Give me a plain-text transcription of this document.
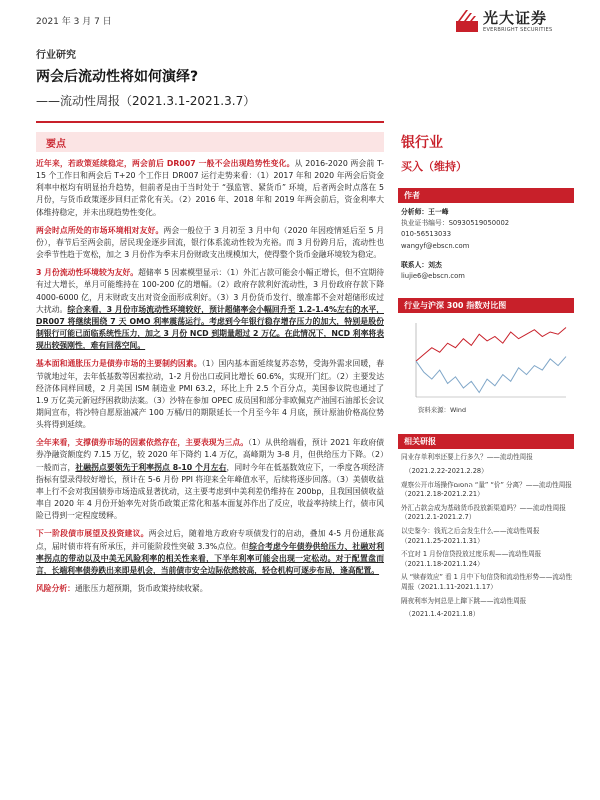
2021 年 3 月 7 日	光大证券
EVERBRIGHT SECURITIES
行业研究
两会后流动性将如何演绎?
——流动性周报（2021.3.1-2021.3.7）
要点

近年来，若政策延续稳定，两会前后 DR007 一般不会出现趋势性变化。从 2016-2020 两会前 T-15 个工作日和两会后 T+20 个工作日 DR007 运行走势来看：（1）2017 年和 2020 年两会后资金利率中枢均有明显抬升趋势，但前者是由于当时处于 “强监管、紧货币” 环境，后者两会时点落在 5 月份，与货币政策逐步回归正常化有关。（2）2016 年、2018 年和 2019 年两会前后，资金利率大体维持稳定，并未出现趋势性变化。

两会时点所处的市场环境相对友好。两会一般位于 3 月初至 3 月中旬（2020 年因疫情延后至 5 月份），春节后至两会前，居民现金逐步回流，银行体系流动性较为充裕。而 3 月份跨月后，流动性也会季节性趋于宽松，加之 3 月份作为季末月份财政支出规模加大，使得整个货币金融环境较为稳定。

3 月份流动性环境较为友好。超储率 5 因素模型显示：（1）外汇占款可能会小幅正增长，但不宜期待有过大增长，单月可能维持在 100-200 亿的增幅。（2）政府存款利好流动性，3 月份政府存款下降 4000-6000 亿，月末财政支出对资金面形成利好。（3）3 月份货币发行、缴准都不会对超储形成过大扰动。综合来看，3 月份市场流动性环境较好，预计超储率会小幅回升至 1.2-1.4%左右的水平，DR007 将继续围绕 7 天 OMO 利率震荡运行。考虑到今年银行稳存增存压力的加大，特别是股份制银行可能已面临系统性压力，加之 3 月份 NCD 到期量超过 2 万亿。在此情况下，NCD 利率将表现出较强刚性，难有回落空间。

基本面和通胀压力是债券市场的主要制约因素。（1）国内基本面延续复苏态势，受海外需求回暖，春节就地过年，去年低基数等因素拉动，1-2 月份出口或同比增长 60.6%，实现开门红。（2）主要发达经济体同样回暖，2 月美国 ISM 制造业 PMI 63.2，环比上升 2.5 个百分点，美国参议院也通过了 1.9 万亿美元新冠纾困救助法案。（3）沙特在参加 OPEC 成员国和部分非欧佩克产油国石油部长会议期间宣布，将沙特自愿原油减产 100 万桶/日的期限延长一个月至今年 4 月底，预计原油价格高位势头将得到延续。

全年来看，支撑债券市场的因素依然存在，主要表现为三点。（1）从供给端看，预计 2021 年政府债券净融资额度约 7.15 万亿，较 2020 年下降约 1.4 万亿，高峰期为 3-8 月，但供给压力下降。（2）一般而言，社融拐点要领先于利率拐点 8-10 个月左右，同时今年在低基数效应下，一季度各项经济指标有望录得较好增长，预计在 5-6 月份 PPI 将迎来全年峰值水平，后续将逐步回落。（3）美债收益率上行不会对我国债券市场造成显著扰动，这主要考虑到中美利差仍维持在 200bp，且我国国债收益率自 2020 年 4 月份开始率先对货币政策正常化和基本面复苏作出了反应，收益率持续上行，债市风险已得到一定程度缓释。

下一阶段债市展望及投资建议。两会过后，随着地方政府专项债发行的启动，叠加 4-5 月份通胀高点，届时债市将有所承压，并可能阶段性突破 3.3%点位。但综合考虑今年债券供给压力、社融对利率拐点的带动以及中美无风险利率的相关性来看，下半年利率可能会出现一定松动。对于配置盘而言，长端利率债券跌出来即是机会，当前债市安全边际依然较高，轻仓机构可逐步布局，逢高配置。

风险分析：通胀压力超预期，货币政策持续收紧。

银行业
买入（维持）
作者
分析师：王一峰
执业证书编号：S0930519050002
010-56513033
wangyf@ebscn.com
联系人：刘杰
liujie6@ebscn.com
行业与沪深 300 指数对比图
资料来源：Wind
相关研报
同业存单利率还要上行多久？——流动性周报
（2021.2.22-2021.2.28）
观察公开市场操作החסום “量” “价” 分离？——流动性周报（2021.2.18-2021.2.21）
外汇占款会成为基础货币投放新渠道吗？——流动性周报（2021.2.1-2021.2.7）
以史鉴今：钱荒之后会发生什么——流动性周报（2021.1.25-2021.1.31）
不宜对 1 月份信贷投放过度乐观——流动性周报（2021.1.18-2021.1.24）
从 “赎春效应” 看 1 月中下旬信贷和流动性形势——流动性周报（2021.1.11-2021.1.17）
隔夜利率为何总是上蹿下跳——流动性周报
（2021.1.4-2021.1.8）
